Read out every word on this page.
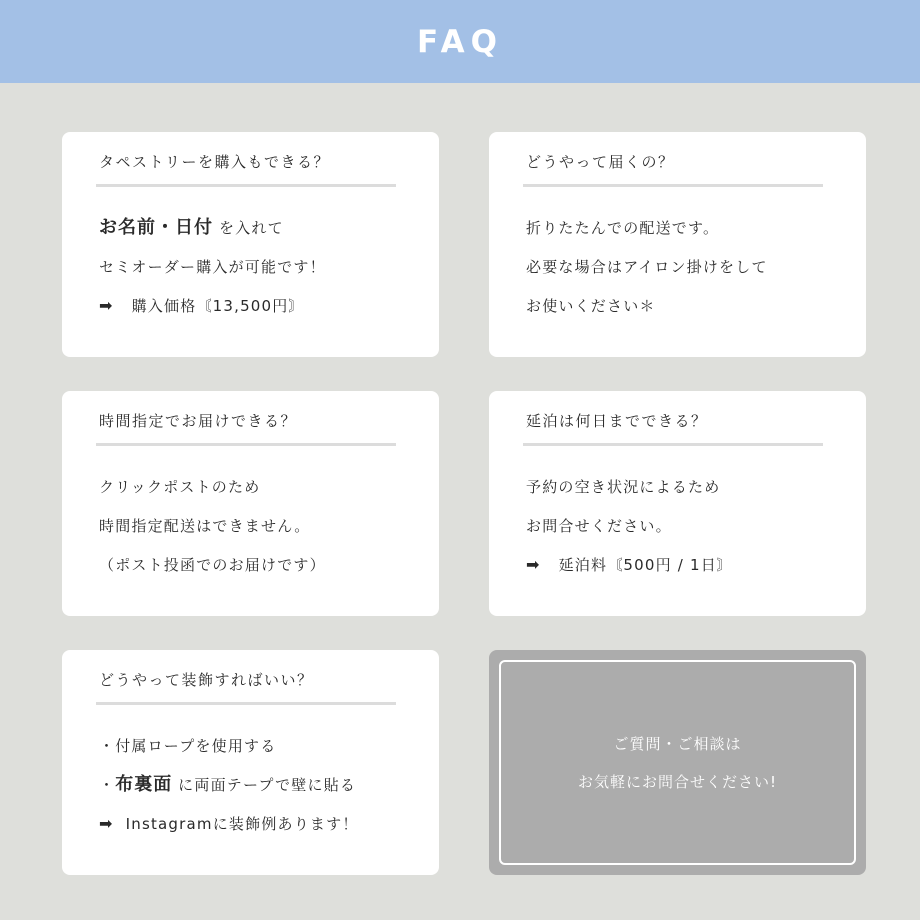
FAQ
タペストリーを購入もできる？
お名前・日付 を入れて
セミオーダー購入が可能です！
➡ 購入価格〘13,500円〙
どうやって届くの？
折りたたんでの配送です。
必要な場合はアイロン掛けをして
お使いください＊
時間指定でお届けできる？
クリックポストのため
時間指定配送はできません。
（ポスト投函でのお届けです）
延泊は何日までできる？
予約の空き状況によるため
お問合せください。
➡ 延泊料〘500円 / 1日〙
どうやって装飾すればいい？
・付属ロープを使用する
・布裏面 に両面テープで壁に貼る
➡ Instagramに装飾例あります！
ご質問・ご相談は
お気軽にお問合せください!
